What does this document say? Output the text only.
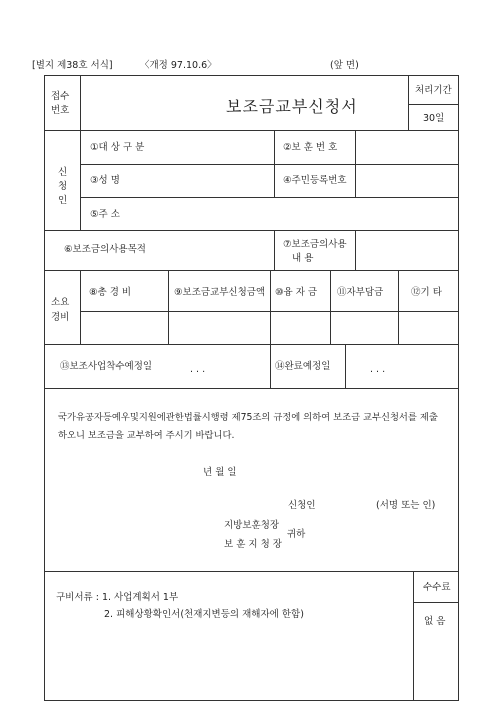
[별지 제38호 서식]	〈개정 97.10.6〉	(앞 면)
접수
번호	보조금교부신청서
처리기간
30일
신
청
인
①대 상 구 분	②보 훈 번 호
③성 명	④주민등록번호
⑤주 소
⑥보조금의사용목적	⑦보조금의사용
내 용
소요
경비
⑧총 경 비	⑨보조금교부신청금액 ⑩융 자 금 ⑪자부담금	⑫기 타
⑬보조사업착수예정일	. . .	⑭완료예정일	. . .
국가유공자등예우및지원에관한법률시행령 제75조의 규정에 의하여 보조금 교부신청서를 제출
하오니 보조금을 교부하여 주시기 바랍니다.
년 월 일
신청인	(서명 또는 인)
지방보훈청장
보 훈 지 청 장
귀하
구비서류 : 1. 사업계획서 1부
2. 피해상황확인서(천재지변등의 재해자에 한함)
수수료
없 음
